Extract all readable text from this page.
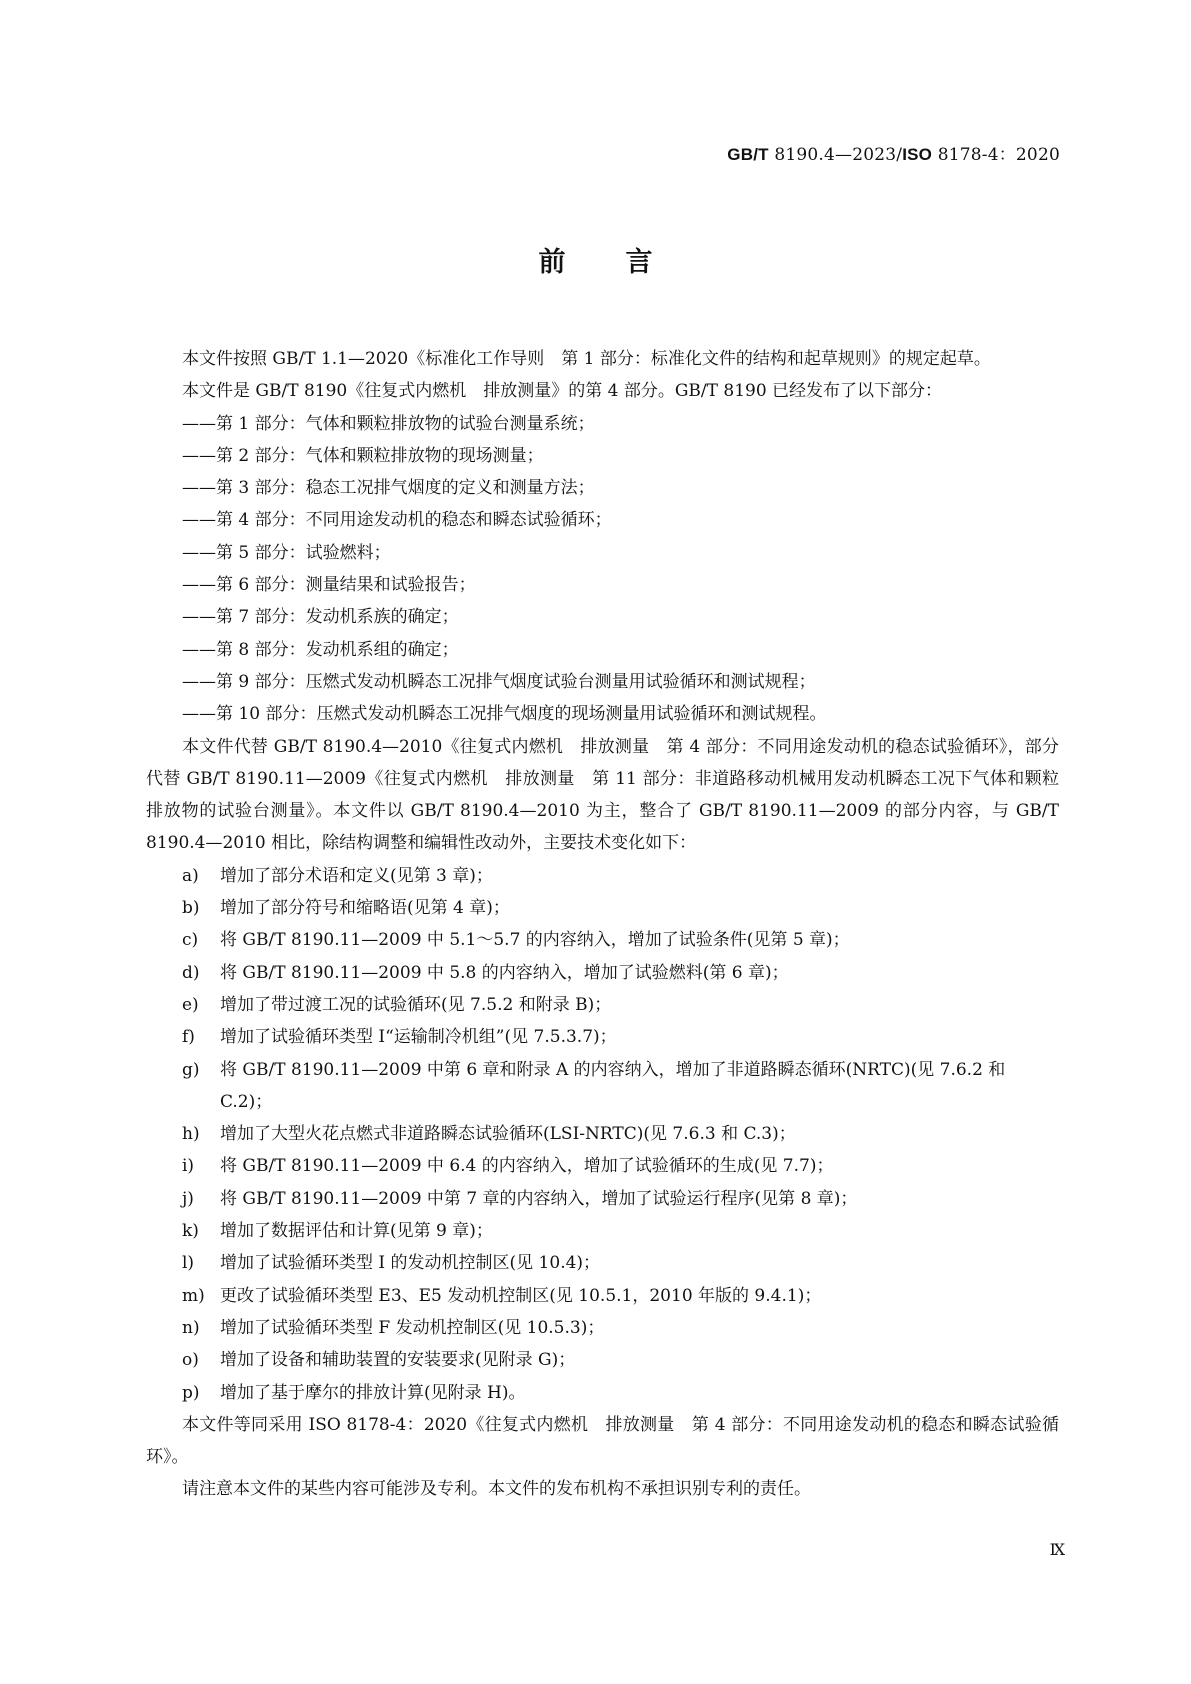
GB/T 8190.4—2023/ISO 8178-4：2020
前言

本文件按照 GB/T 1.1—2020《标准化工作导则　第 1 部分：标准化文件的结构和起草规则》的规定起草。

本文件是 GB/T 8190《往复式内燃机　排放测量》的第 4 部分。GB/T 8190 已经发布了以下部分：

——第 1 部分：气体和颗粒排放物的试验台测量系统；

——第 2 部分：气体和颗粒排放物的现场测量；

——第 3 部分：稳态工况排气烟度的定义和测量方法；

——第 4 部分：不同用途发动机的稳态和瞬态试验循环；

——第 5 部分：试验燃料；

——第 6 部分：测量结果和试验报告；

——第 7 部分：发动机系族的确定；

——第 8 部分：发动机系组的确定；

——第 9 部分：压燃式发动机瞬态工况排气烟度试验台测量用试验循环和测试规程；

——第 10 部分：压燃式发动机瞬态工况排气烟度的现场测量用试验循环和测试规程。

本文件代替 GB/T 8190.4—2010《往复式内燃机　排放测量　第 4 部分：不同用途发动机的稳态试验循环》，部分代替 GB/T 8190.11—2009《往复式内燃机　排放测量　第 11 部分：非道路移动机械用发动机瞬态工况下气体和颗粒排放物的试验台测量》。本文件以 GB/T 8190.4—2010 为主，整合了 GB/T 8190.11—2009 的部分内容，与 GB/T 8190.4—2010 相比，除结构调整和编辑性改动外，主要技术变化如下：

a) 增加了部分术语和定义(见第 3 章)；

b) 增加了部分符号和缩略语(见第 4 章)；

c) 将 GB/T 8190.11—2009 中 5.1～5.7 的内容纳入，增加了试验条件(见第 5 章)；

d) 将 GB/T 8190.11—2009 中 5.8 的内容纳入，增加了试验燃料(第 6 章)；

e) 增加了带过渡工况的试验循环(见 7.5.2 和附录 B)；

f) 增加了试验循环类型 I“运输制冷机组”(见 7.5.3.7)；

g) 将 GB/T 8190.11—2009 中第 6 章和附录 A 的内容纳入，增加了非道路瞬态循环(NRTC)(见 7.6.2 和 C.2)；

h) 增加了大型火花点燃式非道路瞬态试验循环(LSI-NRTC)(见 7.6.3 和 C.3)；

i) 将 GB/T 8190.11—2009 中 6.4 的内容纳入，增加了试验循环的生成(见 7.7)；

j) 将 GB/T 8190.11—2009 中第 7 章的内容纳入，增加了试验运行程序(见第 8 章)；

k) 增加了数据评估和计算(见第 9 章)；

l) 增加了试验循环类型 I 的发动机控制区(见 10.4)；

m) 更改了试验循环类型 E3、E5 发动机控制区(见 10.5.1，2010 年版的 9.4.1)；

n) 增加了试验循环类型 F 发动机控制区(见 10.5.3)；

o) 增加了设备和辅助装置的安装要求(见附录 G)；

p) 增加了基于摩尔的排放计算(见附录 H)。

本文件等同采用 ISO 8178-4：2020《往复式内燃机　排放测量　第 4 部分：不同用途发动机的稳态和瞬态试验循环》。

请注意本文件的某些内容可能涉及专利。本文件的发布机构不承担识别专利的责任。

Ⅸ
